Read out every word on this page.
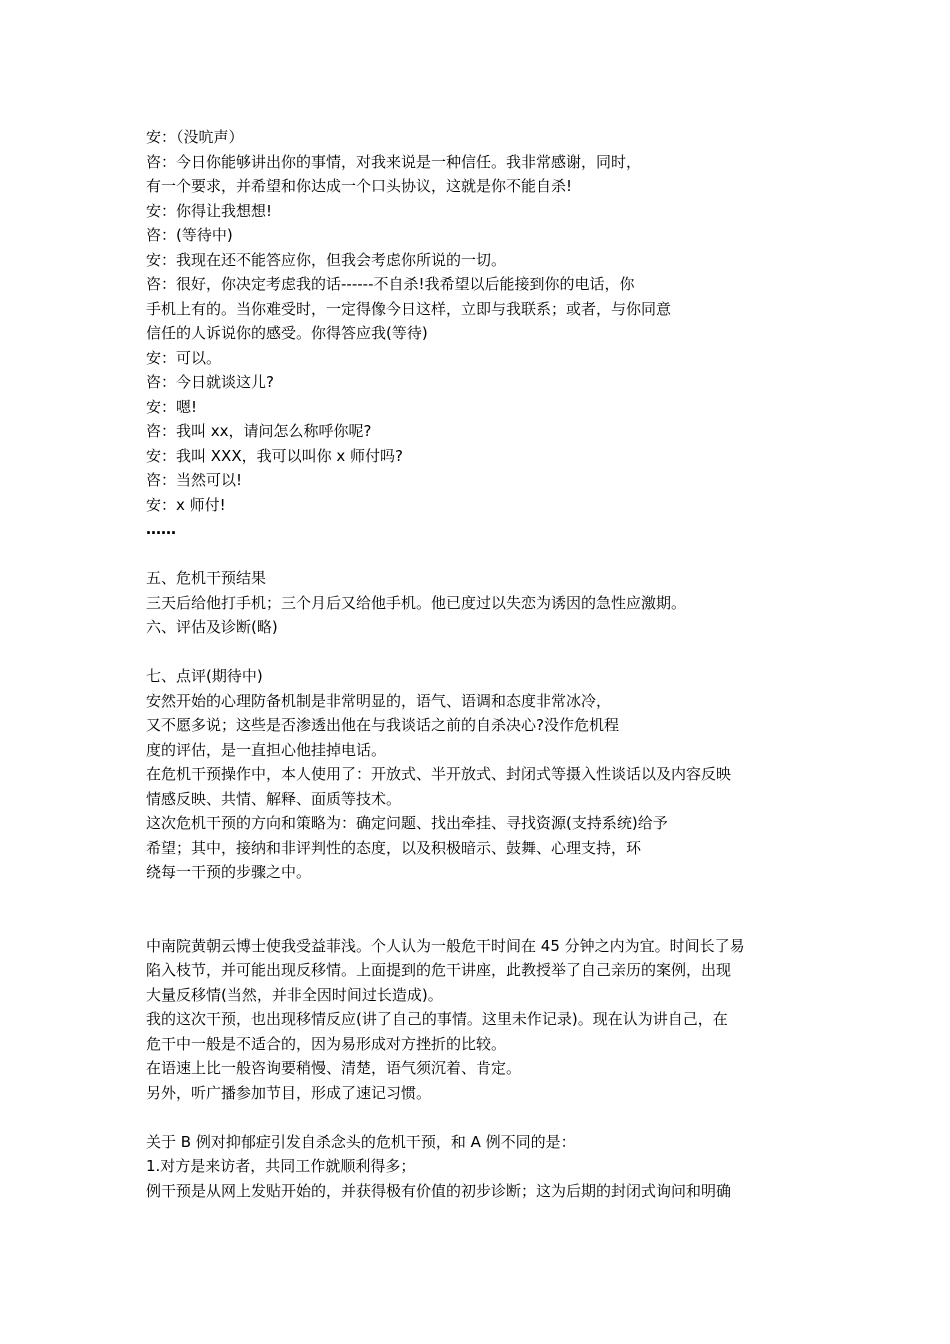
安：（没吭声）
咨：今日你能够讲出你的事情，对我来说是一种信任。我非常感谢，同时，
有一个要求，并希望和你达成一个口头协议，这就是你不能自杀!
安：你得让我想想!
咨：(等待中)
安：我现在还不能答应你，但我会考虑你所说的一切。
咨：很好，你决定考虑我的话------不自杀!我希望以后能接到你的电话，你
手机上有的。当你难受时，一定得像今日这样，立即与我联系；或者，与你同意
信任的人诉说你的感受。你得答应我(等待)
安：可以。
咨：今日就谈这儿?
安：嗯!
咨：我叫 xx，请问怎么称呼你呢?
安：我叫 XXX，我可以叫你 x 师付吗?
咨：当然可以!
安：x 师付!
……
五、危机干预结果
三天后给他打手机；三个月后又给他手机。他已度过以失恋为诱因的急性应激期。
六、评估及诊断(略)
七、点评(期待中)
安然开始的心理防备机制是非常明显的，语气、语调和态度非常冰冷，
又不愿多说；这些是否渗透出他在与我谈话之前的自杀决心?没作危机程
度的评估，是一直担心他挂掉电话。
在危机干预操作中，本人使用了：开放式、半开放式、封闭式等摄入性谈话以及内容反映
情感反映、共情、解释、面质等技术。
这次危机干预的方向和策略为：确定问题、找出牵挂、寻找资源(支持系统)给予
希望；其中，接纳和非评判性的态度，以及积极暗示、鼓舞、心理支持，环
绕每一干预的步骤之中。
中南院黄朝云博士使我受益菲浅。个人认为一般危干时间在 45 分钟之内为宜。时间长了易
陷入枝节，并可能出现反移情。上面提到的危干讲座，此教授举了自己亲历的案例，出现
大量反移情(当然，并非全因时间过长造成)。
我的这次干预，也出现移情反应(讲了自己的事情。这里未作记录)。现在认为讲自己，在
危干中一般是不适合的，因为易形成对方挫折的比较。
在语速上比一般咨询要稍慢、清楚，语气须沉着、肯定。
另外，听广播参加节目，形成了速记习惯。
关于 B 例对抑郁症引发自杀念头的危机干预，和 A 例不同的是：
1.对方是来访者，共同工作就顺利得多；
例干预是从网上发贴开始的，并获得极有价值的初步诊断；这为后期的封闭式询问和明确
